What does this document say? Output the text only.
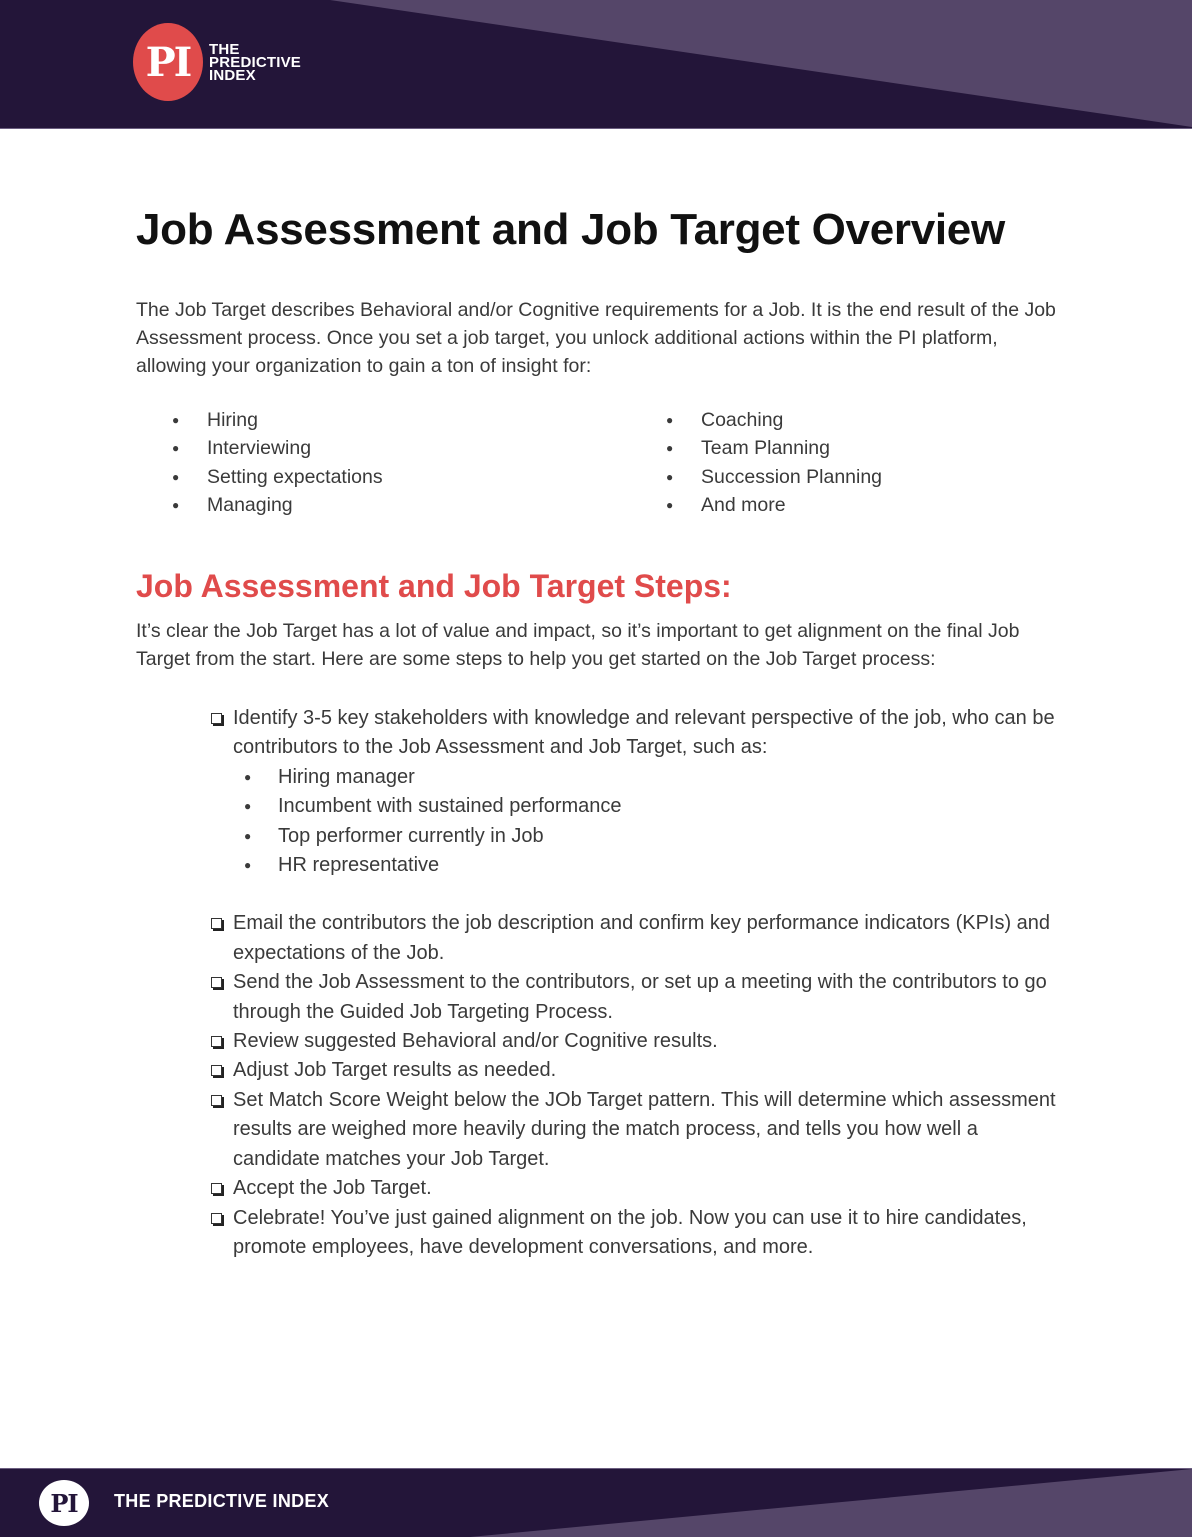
PI THE
PREDICTIVE
INDEX
Job Assessment and Job Target Overview

The Job Target describes Behavioral and/or Cognitive requirements for a Job. It is the end result of the Job Assessment process. Once you set a job target, you unlock additional actions within the PI platform, allowing your organization to gain a ton of insight for:

● Hiring
● Interviewing
● Setting expectations
● Managing
● Coaching
● Team Planning
● Succession Planning
● And more
Job Assessment and Job Target Steps:

It’s clear the Job Target has a lot of value and impact, so it’s important to get alignment on the final Job Target from the start. Here are some steps to help you get started on the Job Target process:

Identify 3-5 key stakeholders with knowledge and relevant perspective of the job, who can be contributors to the Job Assessment and Job Target, such as:
● Hiring manager
● Incumbent with sustained performance
● Top performer currently in Job
● HR representative
Email the contributors the job description and confirm key performance indicators (KPIs) and expectations of the Job.
Send the Job Assessment to the contributors, or set up a meeting with the contributors to go through the Guided Job Targeting Process.
Review suggested Behavioral and/or Cognitive results.
Adjust Job Target results as needed.
Set Match Score Weight below the JOb Target pattern. This will determine which assessment results are weighed more heavily during the match process, and tells you how well a candidate matches your Job Target.
Accept the Job Target.
Celebrate! You’ve just gained alignment on the job. Now you can use it to hire candidates, promote employees, have development conversations, and more.
PI THE PREDICTIVE INDEX
